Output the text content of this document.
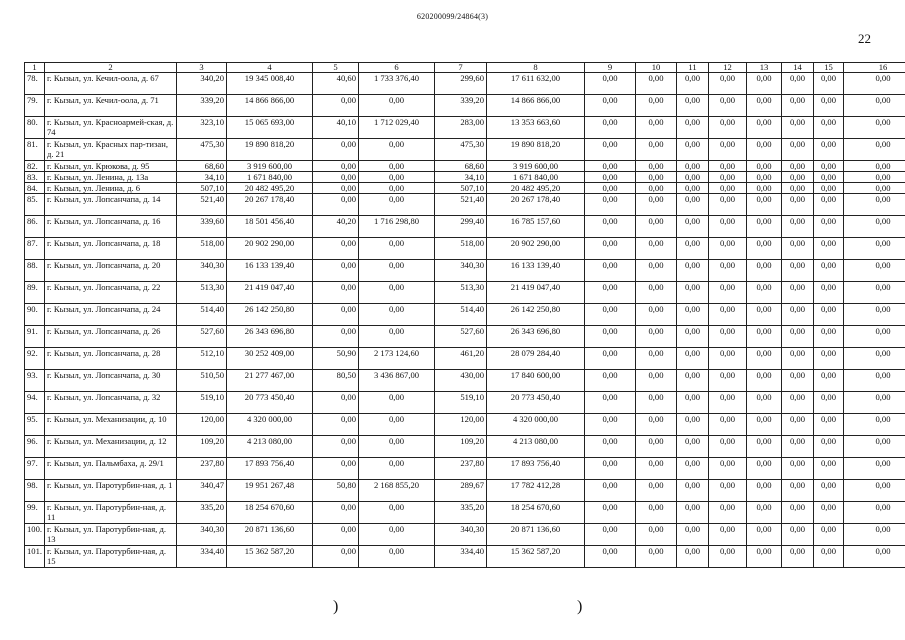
620200099/24864(3)
22
1	2	3	4	5	6	7	8	9	10	11	12	13	14	15	16
78.	г. Кызыл, ул. Кечил-оола, д. 67	340,20	19 345 008,40	40,60	1 733 376,40	299,60	17 611 632,00	0,00	0,00	0,00	0,00	0,00	0,00	0,00	0,00
79.	г. Кызыл, ул. Кечил-оола, д. 71	339,20	14 866 866,00	0,00	0,00	339,20	14 866 866,00	0,00	0,00	0,00	0,00	0,00	0,00	0,00	0,00
80.	г. Кызыл, ул. Красноармей-ская, д. 74	323,10	15 065 693,00	40,10	1 712 029,40	283,00	13 353 663,60	0,00	0,00	0,00	0,00	0,00	0,00	0,00	0,00
81.	г. Кызыл, ул. Красных пар-тизан, д. 21	475,30	19 890 818,20	0,00	0,00	475,30	19 890 818,20	0,00	0,00	0,00	0,00	0,00	0,00	0,00	0,00
82.	г. Кызыл, ул. Крюкова, д. 95	68,60	3 919 600,00	0,00	0,00	68,60	3 919 600,00	0,00	0,00	0,00	0,00	0,00	0,00	0,00	0,00
83.	г. Кызыл, ул. Ленина, д. 13а	34,10	1 671 840,00	0,00	0,00	34,10	1 671 840,00	0,00	0,00	0,00	0,00	0,00	0,00	0,00	0,00
84.	г. Кызыл, ул. Ленина, д. 6	507,10	20 482 495,20	0,00	0,00	507,10	20 482 495,20	0,00	0,00	0,00	0,00	0,00	0,00	0,00	0,00
85.	г. Кызыл, ул. Лопсанчапа, д. 14	521,40	20 267 178,40	0,00	0,00	521,40	20 267 178,40	0,00	0,00	0,00	0,00	0,00	0,00	0,00	0,00
86.	г. Кызыл, ул. Лопсанчапа, д. 16	339,60	18 501 456,40	40,20	1 716 298,80	299,40	16 785 157,60	0,00	0,00	0,00	0,00	0,00	0,00	0,00	0,00
87.	г. Кызыл, ул. Лопсанчапа, д. 18	518,00	20 902 290,00	0,00	0,00	518,00	20 902 290,00	0,00	0,00	0,00	0,00	0,00	0,00	0,00	0,00
88.	г. Кызыл, ул. Лопсанчапа, д. 20	340,30	16 133 139,40	0,00	0,00	340,30	16 133 139,40	0,00	0,00	0,00	0,00	0,00	0,00	0,00	0,00
89.	г. Кызыл, ул. Лопсанчапа, д. 22	513,30	21 419 047,40	0,00	0,00	513,30	21 419 047,40	0,00	0,00	0,00	0,00	0,00	0,00	0,00	0,00
90.	г. Кызыл, ул. Лопсанчапа, д. 24	514,40	26 142 250,80	0,00	0,00	514,40	26 142 250,80	0,00	0,00	0,00	0,00	0,00	0,00	0,00	0,00
91.	г. Кызыл, ул. Лопсанчапа, д. 26	527,60	26 343 696,80	0,00	0,00	527,60	26 343 696,80	0,00	0,00	0,00	0,00	0,00	0,00	0,00	0,00
92.	г. Кызыл, ул. Лопсанчапа, д. 28	512,10	30 252 409,00	50,90	2 173 124,60	461,20	28 079 284,40	0,00	0,00	0,00	0,00	0,00	0,00	0,00	0,00
93.	г. Кызыл, ул. Лопсанчапа, д. 30	510,50	21 277 467,00	80,50	3 436 867,00	430,00	17 840 600,00	0,00	0,00	0,00	0,00	0,00	0,00	0,00	0,00
94.	г. Кызыл, ул. Лопсанчапа, д. 32	519,10	20 773 450,40	0,00	0,00	519,10	20 773 450,40	0,00	0,00	0,00	0,00	0,00	0,00	0,00	0,00
95.	г. Кызыл, ул. Механизации, д. 10	120,00	4 320 000,00	0,00	0,00	120,00	4 320 000,00	0,00	0,00	0,00	0,00	0,00	0,00	0,00	0,00
96.	г. Кызыл, ул. Механизации, д. 12	109,20	4 213 080,00	0,00	0,00	109,20	4 213 080,00	0,00	0,00	0,00	0,00	0,00	0,00	0,00	0,00
97.	г. Кызыл, ул. Пальмбаха, д. 29/1	237,80	17 893 756,40	0,00	0,00	237,80	17 893 756,40	0,00	0,00	0,00	0,00	0,00	0,00	0,00	0,00
98.	г. Кызыл, ул. Паротурбин-ная, д. 1	340,47	19 951 267,48	50,80	2 168 855,20	289,67	17 782 412,28	0,00	0,00	0,00	0,00	0,00	0,00	0,00	0,00
99.	г. Кызыл, ул. Паротурбин-ная, д. 11	335,20	18 254 670,60	0,00	0,00	335,20	18 254 670,60	0,00	0,00	0,00	0,00	0,00	0,00	0,00	0,00
100.	г. Кызыл, ул. Паротурбин-ная, д. 13	340,30	20 871 136,60	0,00	0,00	340,30	20 871 136,60	0,00	0,00	0,00	0,00	0,00	0,00	0,00	0,00
101.	г. Кызыл, ул. Паротурбин-ная, д. 15	334,40	15 362 587,20	0,00	0,00	334,40	15 362 587,20	0,00	0,00	0,00	0,00	0,00	0,00	0,00	0,00
)	)
